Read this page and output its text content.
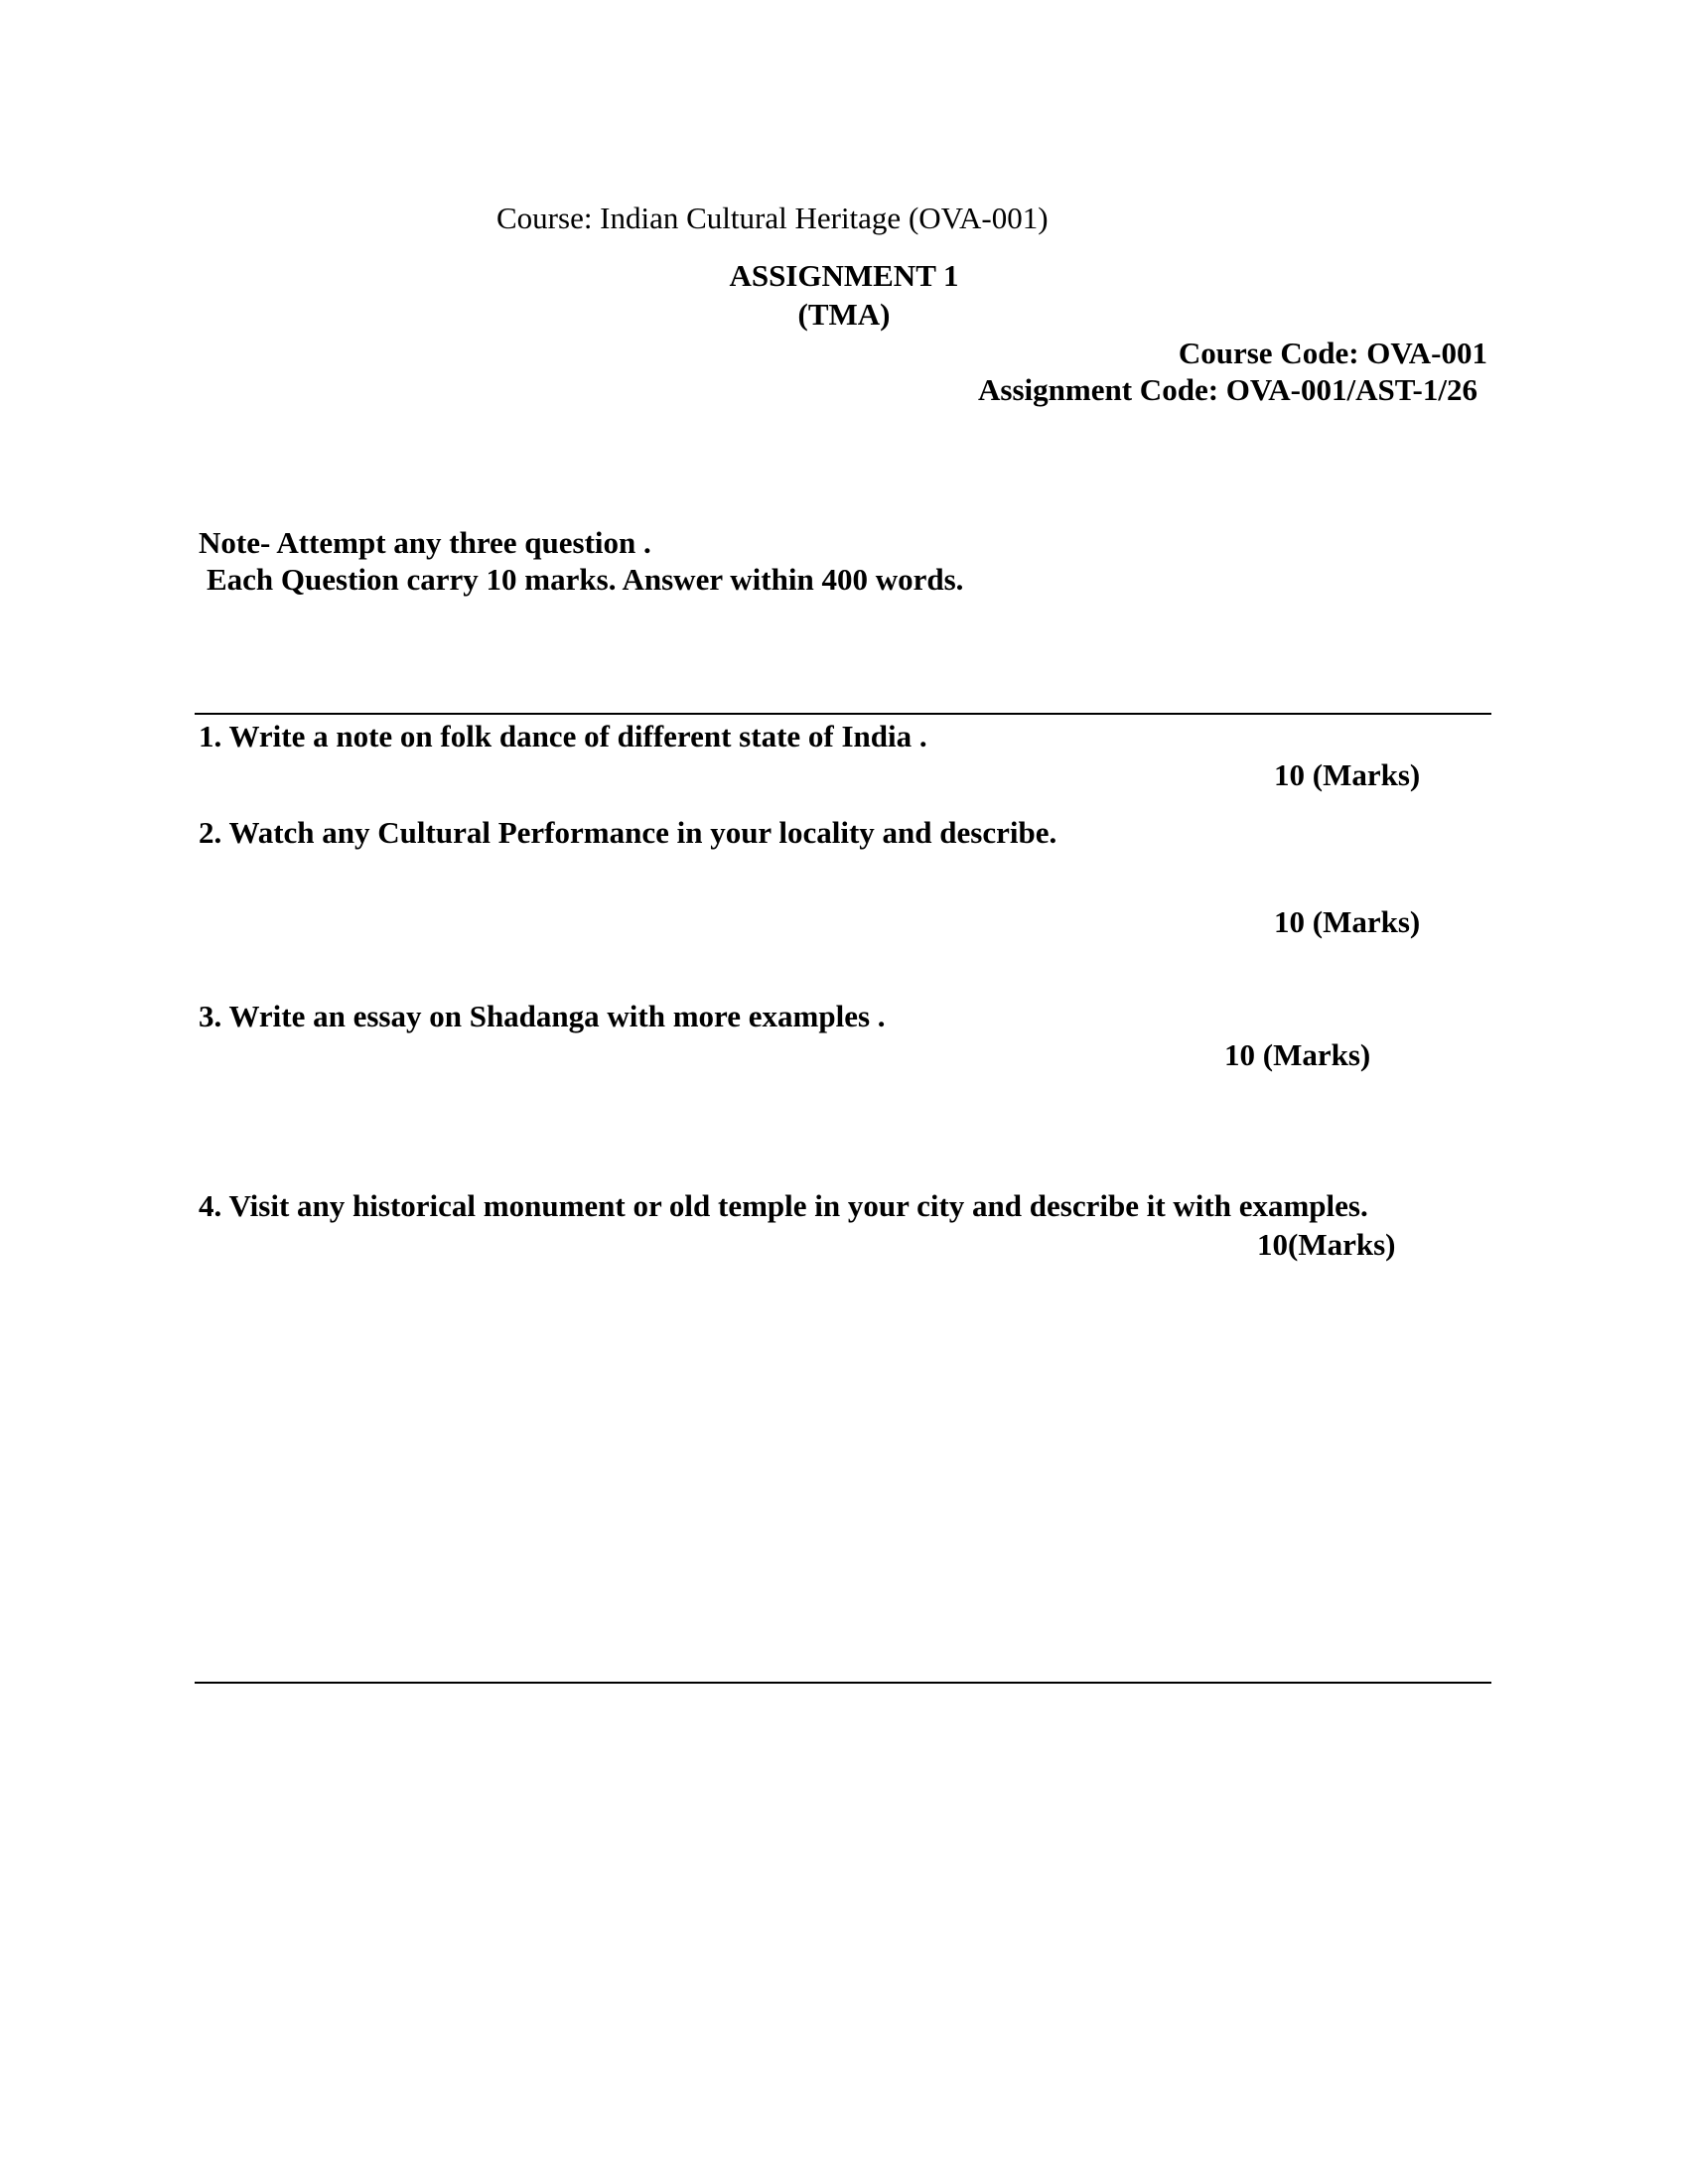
Course: Indian Cultural Heritage (OVA-001)
ASSIGNMENT 1
(TMA)
Course Code: OVA-001
Assignment Code: OVA-001/AST-1/26
Note- Attempt any three question .
Each Question carry 10 marks. Answer within 400 words.
1. Write a note on folk dance of different state of India .
10 (Marks)
2. Watch any Cultural Performance in your locality and describe.
10 (Marks)
3. Write an essay on Shadanga with more examples .
10 (Marks)
4. Visit any historical monument or old temple in your city and describe it with examples.
10(Marks)
